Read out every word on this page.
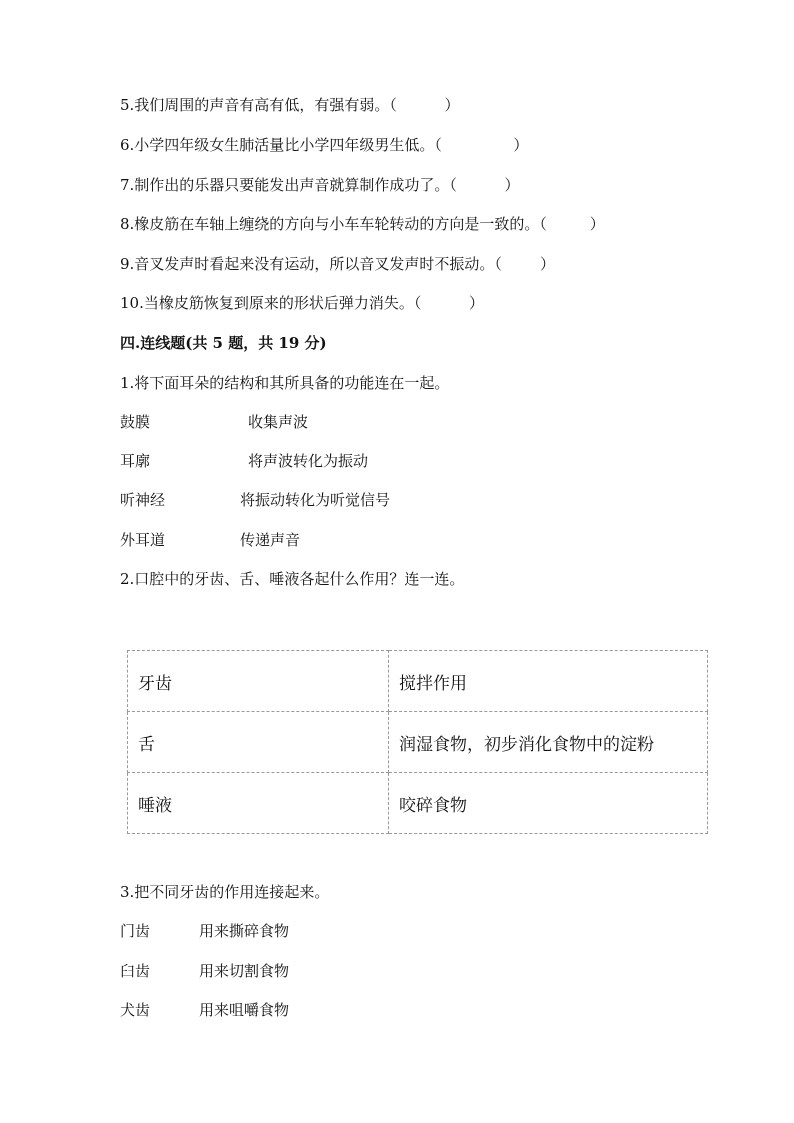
5.我们周围的声音有高有低，有强有弱。（          ）
6.小学四年级女生肺活量比小学四年级男生低。（               ）
7.制作出的乐器只要能发出声音就算制作成功了。（          ）
8.橡皮筋在车轴上缠绕的方向与小车车轮转动的方向是一致的。（         ）
9.音叉发声时看起来没有运动，所以音叉发声时不振动。（        ）
10.当橡皮筋恢复到原来的形状后弹力消失。（          ）
四.连线题(共 5 题，共 19 分)
1.将下面耳朵的结构和其所具备的功能连在一起。
鼓膜	收集声波
耳廓	将声波转化为振动
听神经	将振动转化为听觉信号
外耳道	传递声音
2.口腔中的牙齿、舌、唾液各起什么作用？连一连。
牙齿	搅拌作用
舌	润湿食物，初步消化食物中的淀粉
唾液	咬碎食物
3.把不同牙齿的作用连接起来。
门齿	用来撕碎食物
臼齿	用来切割食物
犬齿	用来咀嚼食物
